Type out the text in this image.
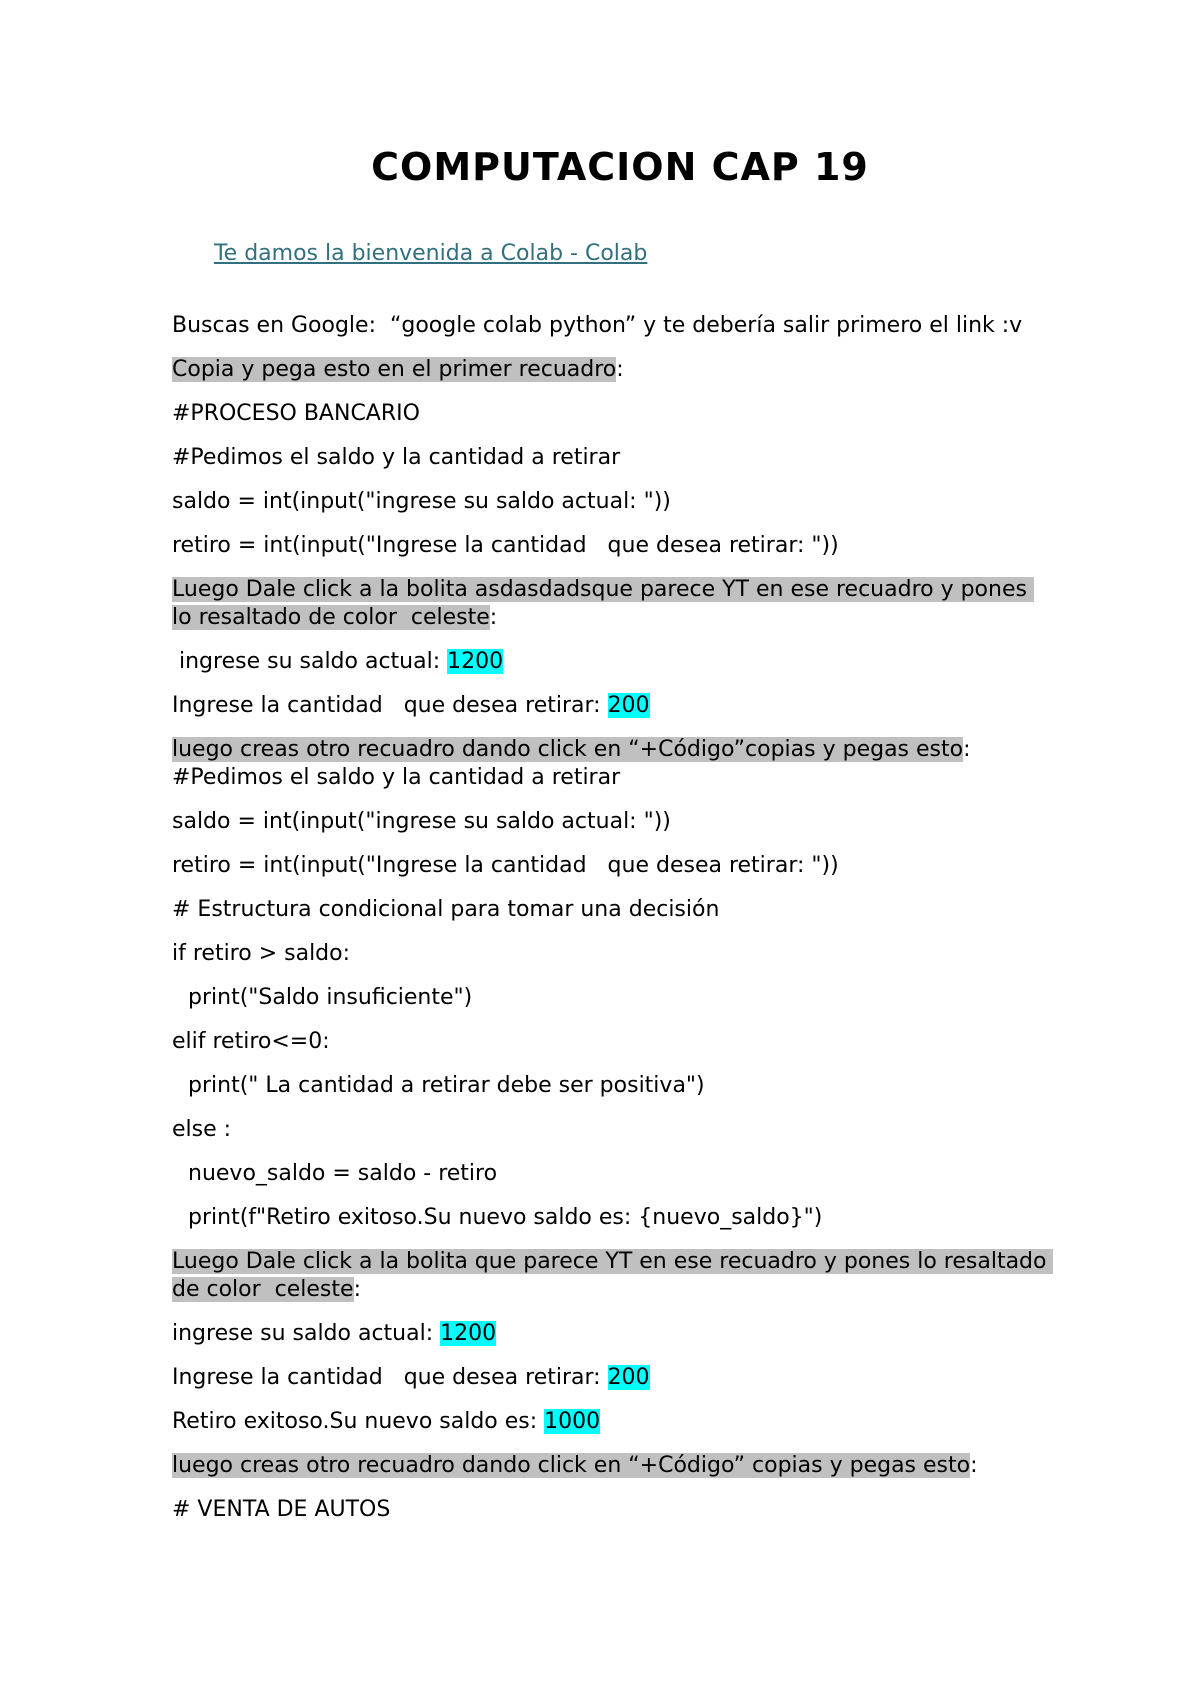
COMPUTACION CAP 19

Te damos la bienvenida a Colab - Colab

Buscas en Google:  “google colab python” y te debería salir primero el link :v
Copia y pega esto en el primer recuadro:
#PROCESO BANCARIO
#Pedimos el saldo y la cantidad a retirar
saldo = int(input("ingrese su saldo actual: "))
retiro = int(input("Ingrese la cantidad   que desea retirar: "))
Luego Dale click a la bolita asdasdadsque parece YT en ese recuadro y pones lo resaltado de color  celeste:
ingrese su saldo actual: 1200
Ingrese la cantidad   que desea retirar: 200
luego creas otro recuadro dando click en “+Código”copias y pegas esto:
#Pedimos el saldo y la cantidad a retirar
saldo = int(input("ingrese su saldo actual: "))
retiro = int(input("Ingrese la cantidad   que desea retirar: "))
# Estructura condicional para tomar una decisión
if retiro > saldo:
print("Saldo insuficiente")
elif retiro<=0:
print(" La cantidad a retirar debe ser positiva")
else :
nuevo_saldo = saldo - retiro
print(f"Retiro exitoso.Su nuevo saldo es: {nuevo_saldo}")
Luego Dale click a la bolita que parece YT en ese recuadro y pones lo resaltado de color  celeste:
ingrese su saldo actual: 1200
Ingrese la cantidad   que desea retirar: 200
Retiro exitoso.Su nuevo saldo es: 1000
luego creas otro recuadro dando click en “+Código” copias y pegas esto:
# VENTA DE AUTOS
